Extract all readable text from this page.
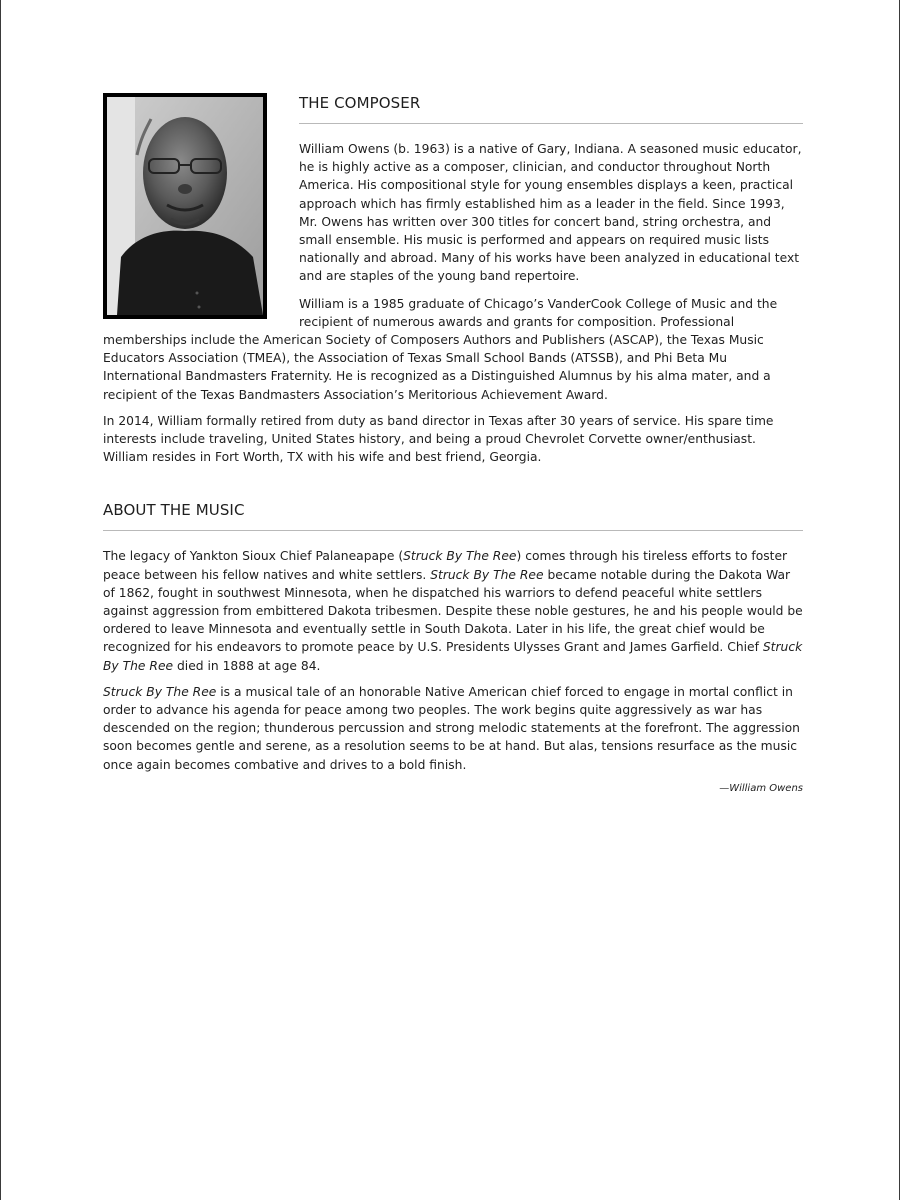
THE COMPOSER

William Owens (b. 1963) is a native of Gary, Indiana. A seasoned music educator, he is highly active as a composer, clinician, and conductor throughout North America. His compositional style for young ensembles displays a keen, practical approach which has firmly established him as a leader in the field. Since 1993, Mr. Owens has written over 300 titles for concert band, string orchestra, and small ensemble. His music is performed and appears on required music lists nationally and abroad. Many of his works have been analyzed in educational text and are staples of the young band repertoire.

William is a 1985 graduate of Chicago’s VanderCook College of Music and the recipient of numerous awards and grants for composition. Professional memberships include the American Society of Composers Authors and Publishers (ASCAP), the Texas Music Educators Association (TMEA), the Association of Texas Small School Bands (ATSSB), and Phi Beta Mu International Bandmasters Fraternity. He is recognized as a Distinguished Alumnus by his alma mater, and a recipient of the Texas Bandmasters Association’s Meritorious Achievement Award.

In 2014, William formally retired from duty as band director in Texas after 30 years of service. His spare time interests include traveling, United States history, and being a proud Chevrolet Corvette owner/enthusiast. William resides in Fort Worth, TX with his wife and best friend, Georgia.

ABOUT THE MUSIC

The legacy of Yankton Sioux Chief Palaneapape (Struck By The Ree) comes through his tireless efforts to foster peace between his fellow natives and white settlers. Struck By The Ree became notable during the Dakota War of 1862, fought in southwest Minnesota, when he dispatched his warriors to defend peaceful white settlers against aggression from embittered Dakota tribesmen. Despite these noble gestures, he and his people would be ordered to leave Minnesota and eventually settle in South Dakota. Later in his life, the great chief would be recognized for his endeavors to promote peace by U.S. Presidents Ulysses Grant and James Garfield. Chief Struck By The Ree died in 1888 at age 84.

Struck By The Ree is a musical tale of an honorable Native American chief forced to engage in mortal conflict in order to advance his agenda for peace among two peoples. The work begins quite aggressively as war has descended on the region; thunderous percussion and strong melodic statements at the forefront. The aggression soon becomes gentle and serene, as a resolution seems to be at hand. But alas, tensions resurface as the music once again becomes combative and drives to a bold finish.

—William Owens
